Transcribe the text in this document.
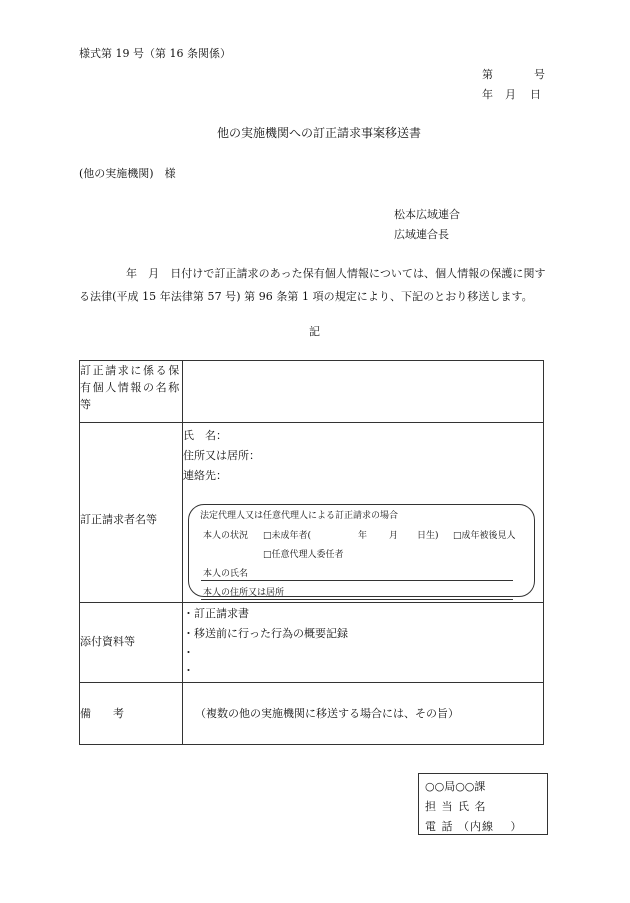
様式第 19 号（第 16 条関係）
第	号
年 月 日
他の実施機関への訂正請求事案移送書
(他の実施機関)　様
松本広域連合
広域連合長
年　月　日付けで訂正請求のあった保有個人情報については、個人情報の保護に関する法律(平成 15 年法律第 57 号) 第 96 条第 1 項の規定により、下記のとおり移送します。
記
訂正請求に係る保有個人情報の名称等
訂正請求者名等
氏　名：
住所又は居所：
連絡先：
法定代理人又は任意代理人による訂正請求の場合
本人の状況 □未成年者(	年 月 日生) □成年被後見人
□任意代理人委任者
本人の氏名
本人の住所又は居所
添付資料等
・訂正請求書
・移送前に行った行為の概要記録
・
・
備　　考	（複数の他の実施機関に移送する場合には、その旨）
○○局○○課
担 当 氏 名
電 話 （内線　 ）
